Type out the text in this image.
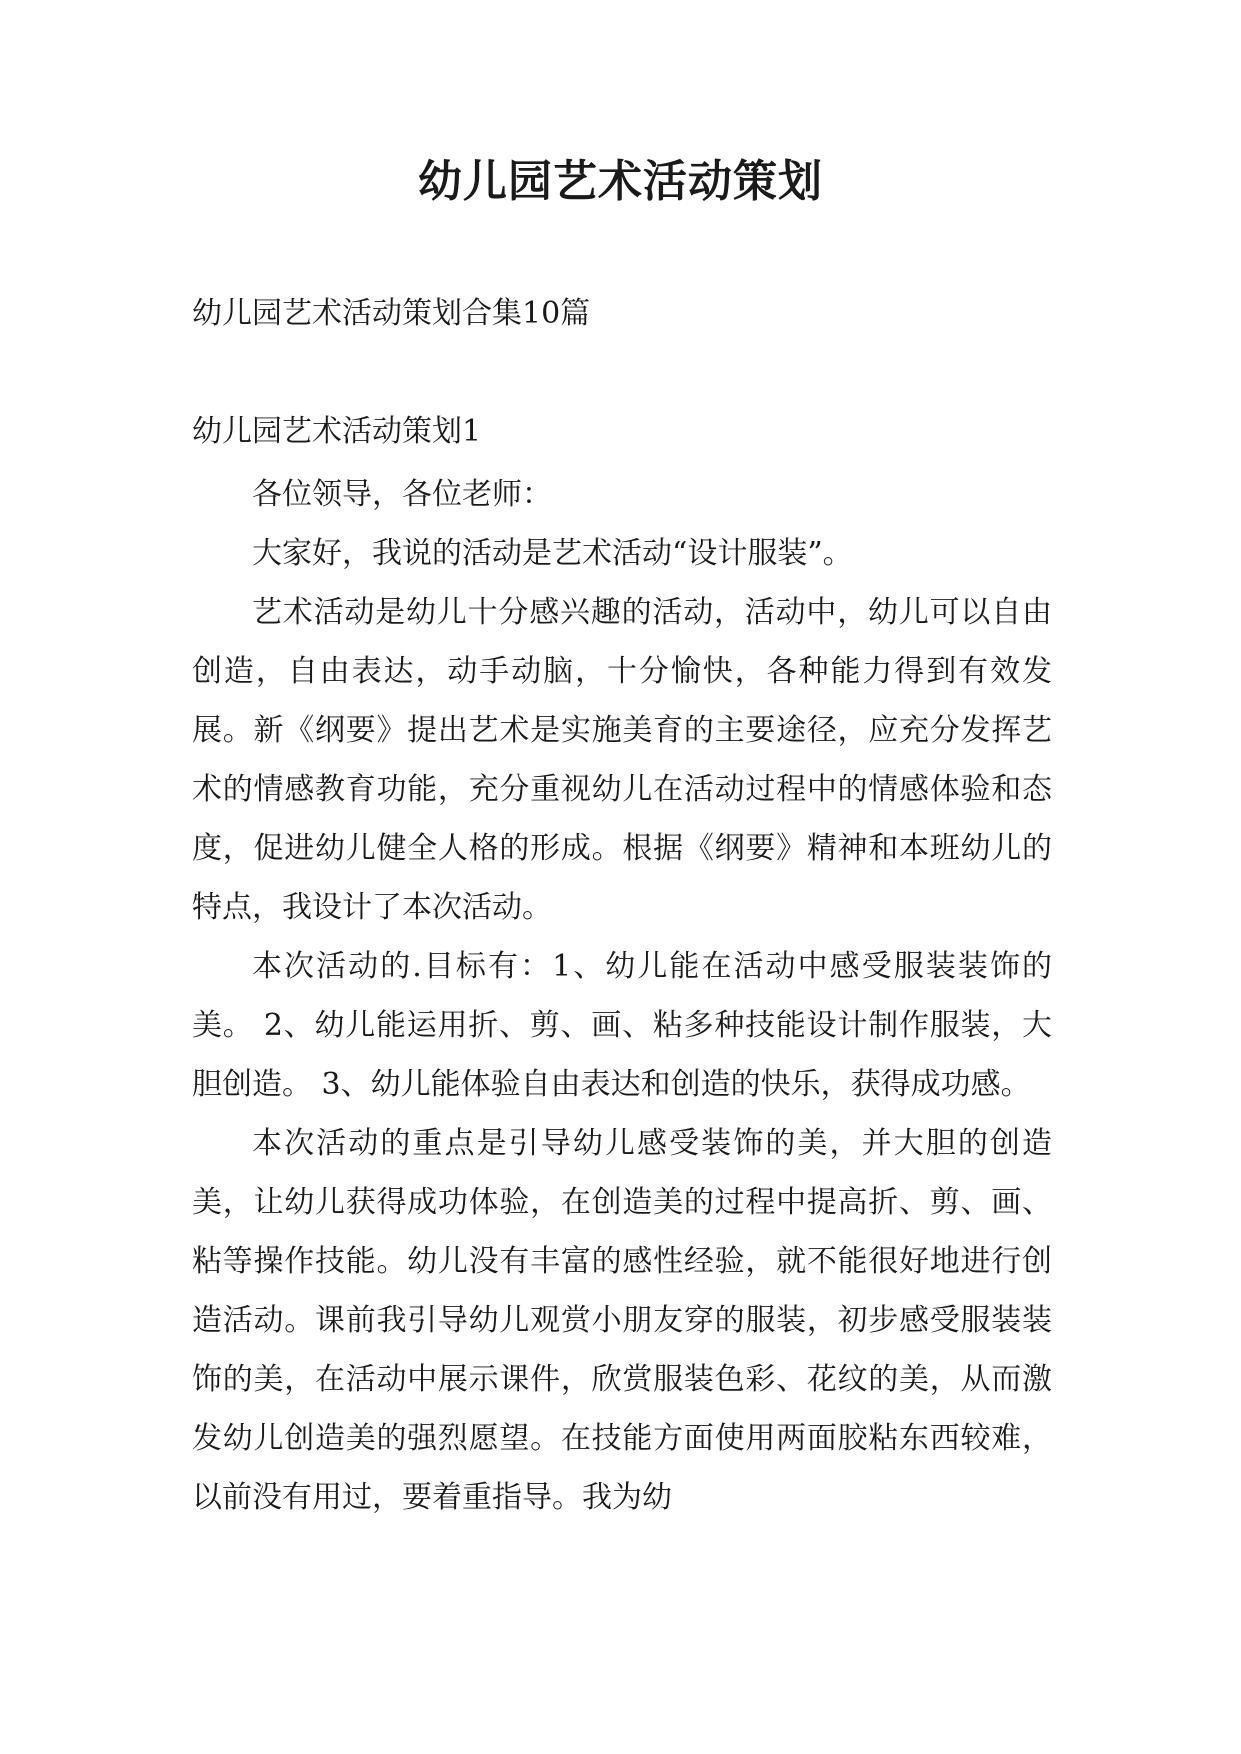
幼儿园艺术活动策划
幼儿园艺术活动策划合集10篇
幼儿园艺术活动策划1

各位领导，各位老师：

大家好，我说的活动是艺术活动“设计服装”。

艺术活动是幼儿十分感兴趣的活动，活动中，幼儿可以自由创造，自由表达，动手动脑，十分愉快，各种能力得到有效发展。新《纲要》提出艺术是实施美育的主要途径，应充分发挥艺术的情感教育功能，充分重视幼儿在活动过程中的情感体验和态度，促进幼儿健全人格的形成。根据《纲要》精神和本班幼儿的特点，我设计了本次活动。

本次活动的.目标有：1、幼儿能在活动中感受服装装饰的美。 2、幼儿能运用折、剪、画、粘多种技能设计制作服装，大胆创造。 3、幼儿能体验自由表达和创造的快乐，获得成功感。

本次活动的重点是引导幼儿感受装饰的美，并大胆的创造美，让幼儿获得成功体验，在创造美的过程中提高折、剪、画、粘等操作技能。幼儿没有丰富的感性经验，就不能很好地进行创造活动。课前我引导幼儿观赏小朋友穿的服装，初步感受服装装饰的美，在活动中展示课件，欣赏服装色彩、花纹的美，从而激发幼儿创造美的强烈愿望。在技能方面使用两面胶粘东西较难，以前没有用过，要着重指导。我为幼
